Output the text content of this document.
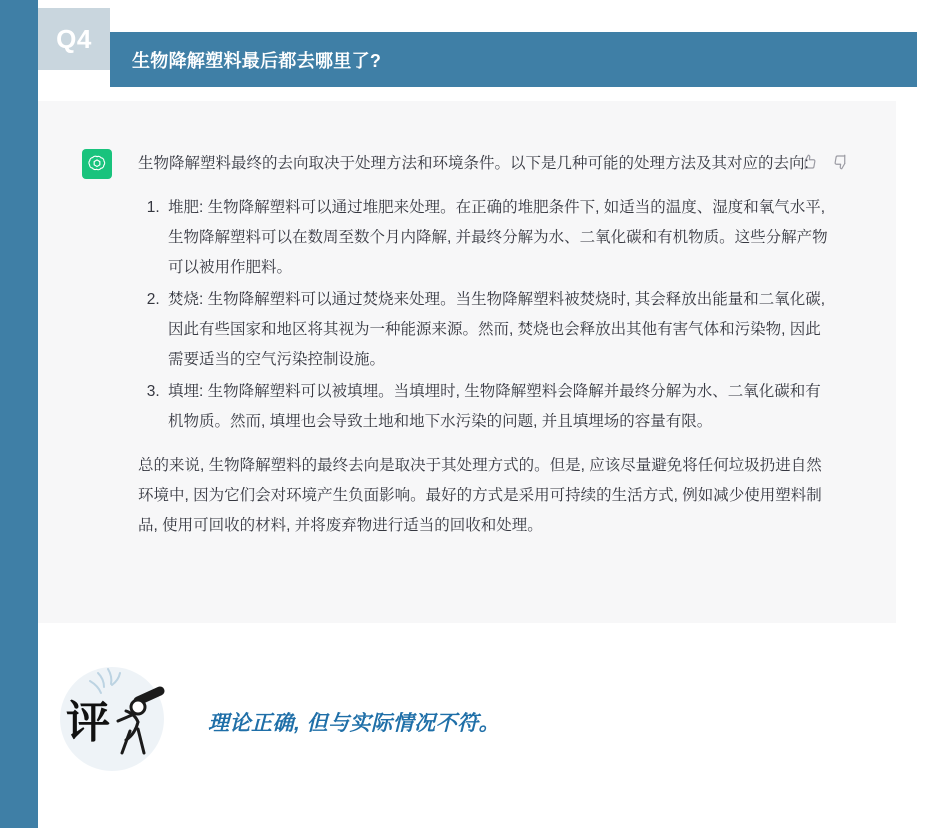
Q4
生物降解塑料最后都去哪里了?

生物降解塑料最终的去向取决于处理方法和环境条件。以下是几种可能的处理方法及其对应的去向:

1. 堆肥: 生物降解塑料可以通过堆肥来处理。在正确的堆肥条件下, 如适当的温度、湿度和氧气水平, 生物降解塑料可以在数周至数个月内降解, 并最终分解为水、二氧化碳和有机物质。这些分解产物可以被用作肥料。
2. 焚烧: 生物降解塑料可以通过焚烧来处理。当生物降解塑料被焚烧时, 其会释放出能量和二氧化碳, 因此有些国家和地区将其视为一种能源来源。然而, 焚烧也会释放出其他有害气体和污染物, 因此需要适当的空气污染控制设施。
3. 填埋: 生物降解塑料可以被填埋。当填埋时, 生物降解塑料会降解并最终分解为水、二氧化碳和有机物质。然而, 填埋也会导致土地和地下水污染的问题, 并且填埋场的容量有限。

总的来说, 生物降解塑料的最终去向是取决于其处理方式的。但是, 应该尽量避免将任何垃圾扔进自然环境中, 因为它们会对环境产生负面影响。最好的方式是采用可持续的生活方式, 例如减少使用塑料制品, 使用可回收的材料, 并将废弃物进行适当的回收和处理。

评	理论正确, 但与实际情况不符。
